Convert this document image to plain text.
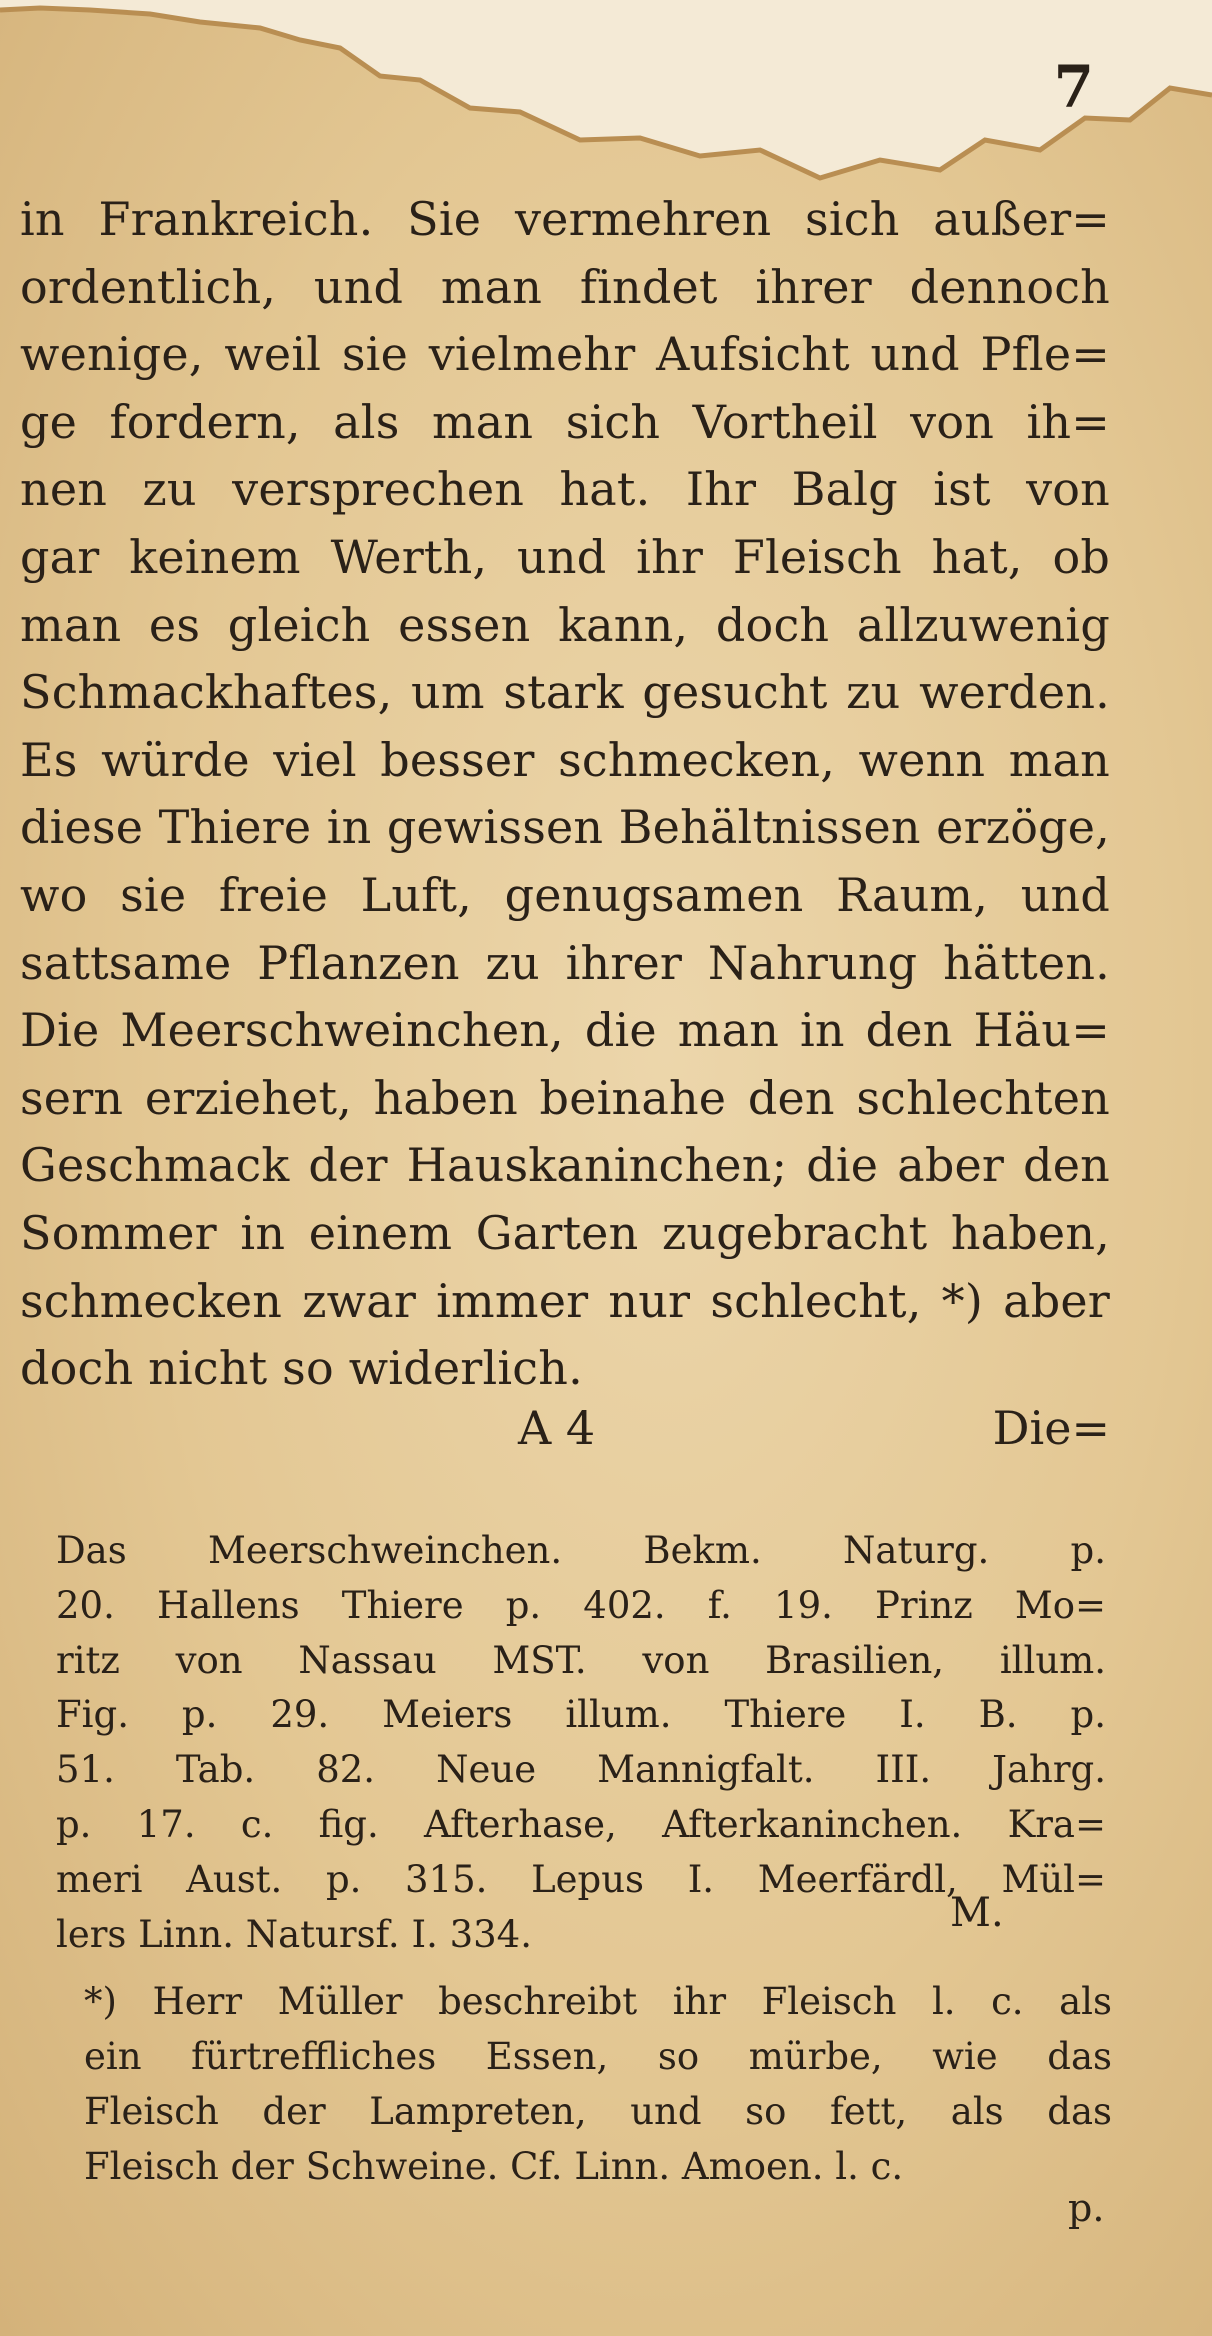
7
in Frankreich. Sie vermehren sich außer=
ordentlich, und man findet ihrer dennoch
wenige, weil sie vielmehr Aufsicht und Pfle=
ge fordern, als man sich Vortheil von ih=
nen zu versprechen hat. Ihr Balg ist von
gar keinem Werth, und ihr Fleisch hat, ob
man es gleich essen kann, doch allzuwenig
Schmackhaftes, um stark gesucht zu werden.
Es würde viel besser schmecken, wenn man
diese Thiere in gewissen Behältnissen erzöge,
wo sie freie Luft, genugsamen Raum, und
sattsame Pflanzen zu ihrer Nahrung hätten.
Die Meerschweinchen, die man in den Häu=
sern erziehet, haben beinahe den schlechten
Geschmack der Hauskaninchen; die aber den
Sommer in einem Garten zugebracht haben,
schmecken zwar immer nur schlecht, *) aber
doch nicht so widerlich.
A 4	Die=
Das Meerschweinchen. Bekm. Naturg. p.
20. Hallens Thiere p. 402. f. 19. Prinz Mo=
ritz von Nassau MST. von Brasilien, illum.
Fig. p. 29. Meiers illum. Thiere I. B. p.
51. Tab. 82. Neue Mannigfalt. III. Jahrg.
p. 17. c. fig. Afterhase, Afterkaninchen. Kra=
meri Aust. p. 315. Lepus I. Meerfärdl, Mül=
lers Linn. Natursf. I. 334.	M.
*) Herr Müller beschreibt ihr Fleisch l. c. als
ein fürtreffliches Essen, so mürbe, wie das
Fleisch der Lampreten, und so fett, als das
Fleisch der Schweine. Cf. Linn. Amoen. l. c.
p.
